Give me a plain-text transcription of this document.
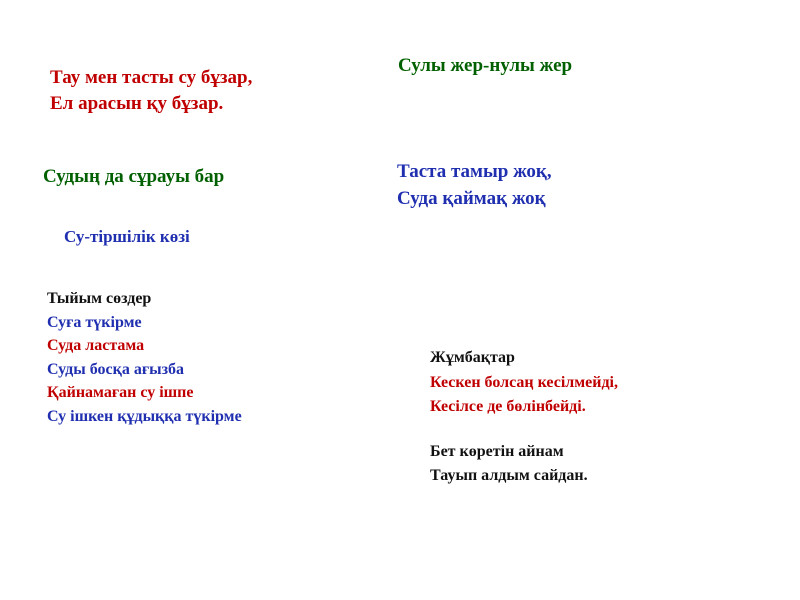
Тау мен тасты су бұзар,
Ел арасын қу бұзар.
Сулы жер-нулы жер
Судың да сұрауы бар	Таста тамыр жоқ,
Суда қаймақ жоқ
Су-тіршілік көзі
Тыйым сөздер
Суға түкірме
Суда ластама
Суды босқа ағызба
Қайнамаған су ішпе
Су ішкен құдыққа түкірме
Жұмбақтар
Кескен болсаң кесілмейді,
Кесілсе де бөлінбейді.
Бет көретін айнам
Тауып алдым сайдан.
